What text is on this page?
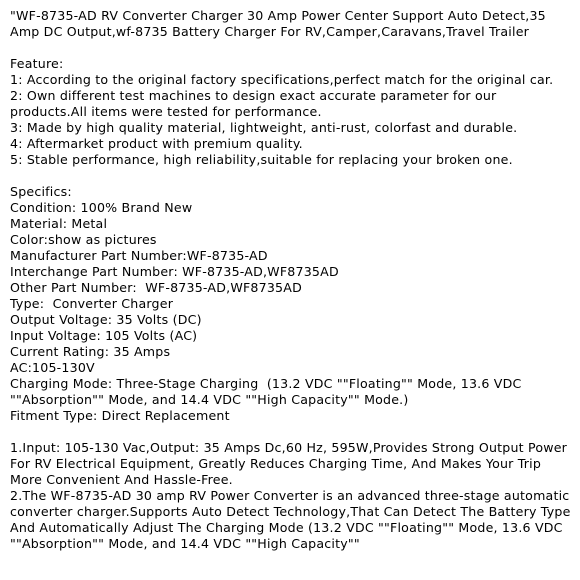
"WF-8735-AD RV Converter Charger 30 Amp Power Center Support Auto Detect,35 Amp DC Output,wf-8735 Battery Charger For RV,Camper,Caravans,Travel Trailer
Feature:
1: According to the original factory specifications,perfect match for the original car.
2: Own different test machines to design exact accurate parameter for our products.All items were tested for performance.
3: Made by high quality material, lightweight, anti-rust, colorfast and durable.
4: Aftermarket product with premium quality.
5: Stable performance, high reliability,suitable for replacing your broken one.
Specifics:
Condition: 100% Brand New
Material: Metal
Color:show as pictures
Manufacturer Part Number:WF-8735-AD
Interchange Part Number: WF-8735-AD,WF8735AD
Other Part Number:  WF-8735-AD,WF8735AD
Type:  Converter Charger
Output Voltage: 35 Volts (DC)
Input Voltage: 105 Volts (AC)
Current Rating: 35 Amps
AC:105-130V
Charging Mode: Three-Stage Charging  (13.2 VDC ""Floating"" Mode, 13.6 VDC ""Absorption"" Mode, and 14.4 VDC ""High Capacity"" Mode.)
Fitment Type: Direct Replacement
1.Input: 105-130 Vac,Output: 35 Amps Dc,60 Hz, 595W,Provides Strong Output Power For RV Electrical Equipment, Greatly Reduces Charging Time, And Makes Your Trip More Convenient And Hassle-Free.
2.The WF-8735-AD 30 amp RV Power Converter is an advanced three-stage automatic converter charger.Supports Auto Detect Technology,That Can Detect The Battery Type And Automatically Adjust The Charging Mode (13.2 VDC ""Floating"" Mode, 13.6 VDC ""Absorption"" Mode, and 14.4 VDC ""High Capacity""
